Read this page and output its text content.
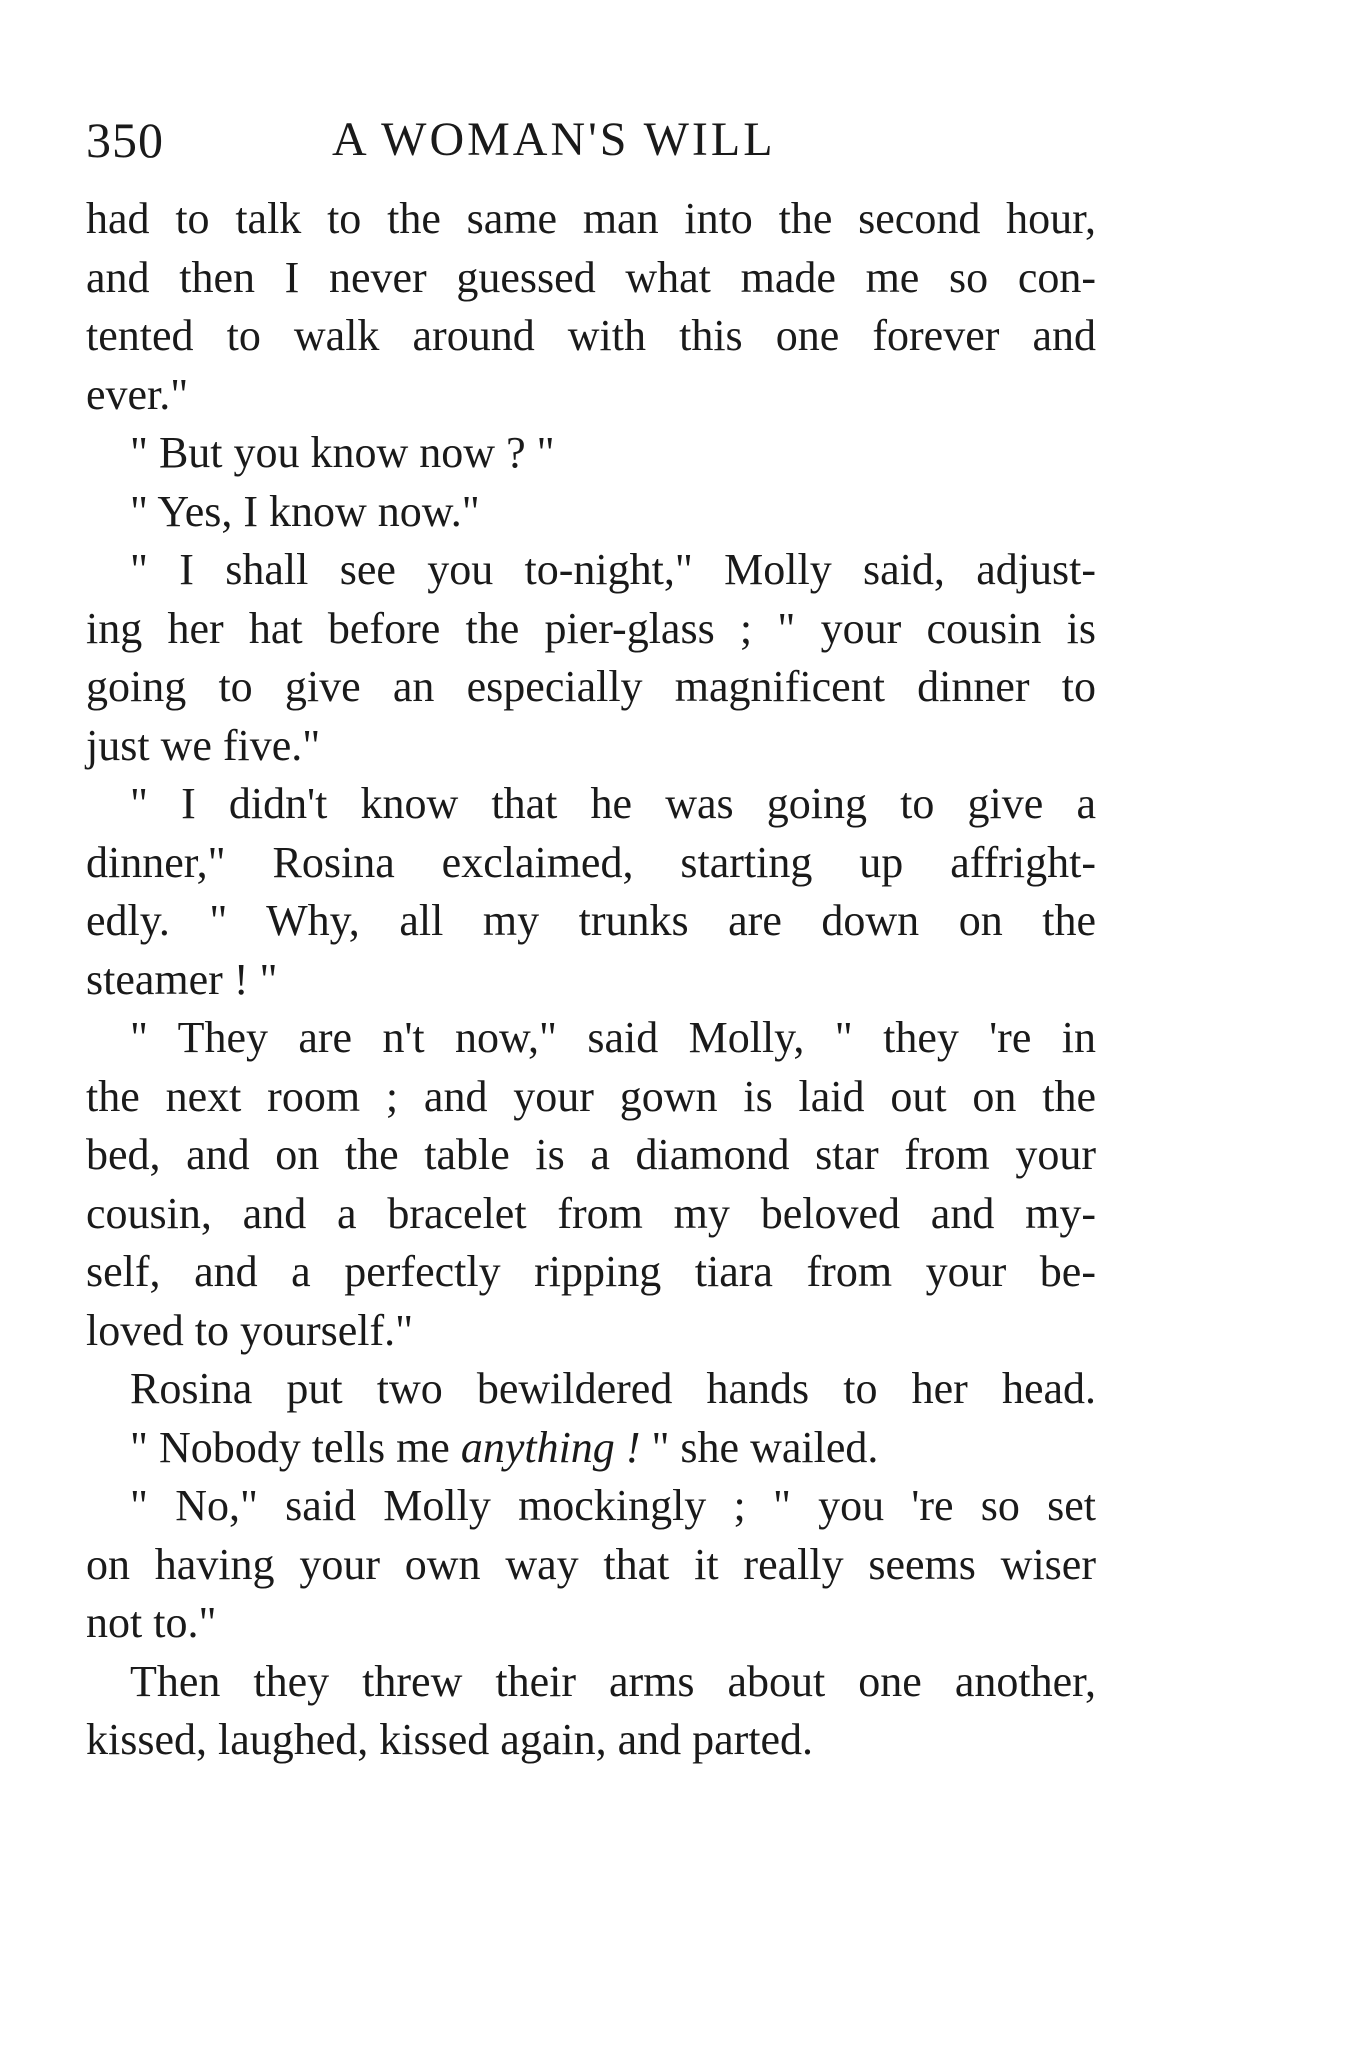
350	A WOMAN'S WILL
had to talk to the same man into the second hour,
and then I never guessed what made me so con-
tented to walk around with this one forever and
ever."
" But you know now ? "
" Yes, I know now."
" I shall see you to-night," Molly said, adjust-
ing her hat before the pier-glass ; " your cousin is
going to give an especially magnificent dinner to
just we five."
" I didn't know that he was going to give a
dinner," Rosina exclaimed, starting up affright-
edly. " Why, all my trunks are down on the
steamer ! "
" They are n't now," said Molly, " they 're in
the next room ; and your gown is laid out on the
bed, and on the table is a diamond star from your
cousin, and a bracelet from my beloved and my-
self, and a perfectly ripping tiara from your be-
loved to yourself."
Rosina put two bewildered hands to her head.
" Nobody tells me anything ! " she wailed.
" No," said Molly mockingly ; " you 're so set
on having your own way that it really seems wiser
not to."
Then they threw their arms about one another,
kissed, laughed, kissed again, and parted.
